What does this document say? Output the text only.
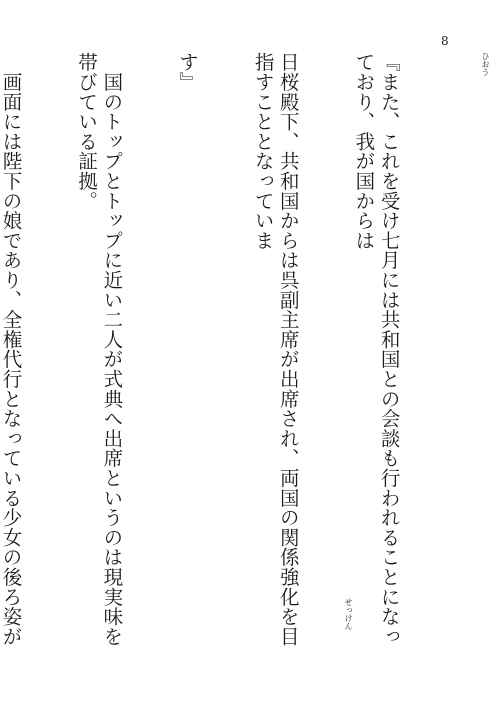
8

『また、これを受け七月には共和国との会談も行われることになっており、我が国からは

日桜殿下、共和国からは呉副主席が出席され、両国の関係強化を目指すこととなっていま

す』

　国のトップとトップに近い二人が式典へ出席というのは現実味を帯びている証拠。

　画面には陛下の娘であり、全権代行となっている少女の後ろ姿が

ひおう
せっけん
